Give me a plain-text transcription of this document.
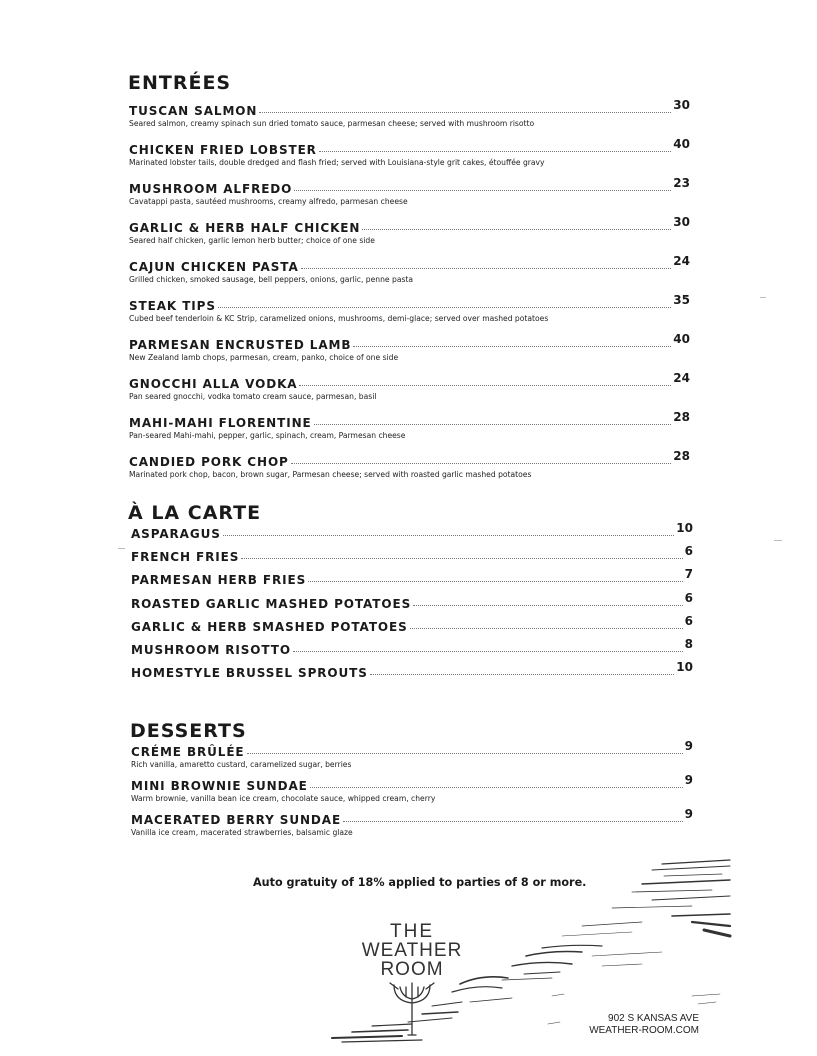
ENTRÉES
TUSCAN SALMON	30
Seared salmon, creamy spinach sun dried tomato sauce, parmesan cheese; served with mushroom risotto
CHICKEN FRIED LOBSTER	40
Marinated lobster tails, double dredged and flash fried; served with Louisiana-style grit cakes, étouffée gravy
MUSHROOM ALFREDO	23
Cavatappi pasta, sautéed mushrooms, creamy alfredo, parmesan cheese
GARLIC & HERB HALF CHICKEN	30
Seared half chicken, garlic lemon herb butter; choice of one side
CAJUN CHICKEN PASTA	24
Grilled chicken, smoked sausage, bell peppers, onions, garlic, penne pasta
STEAK TIPS	35
Cubed beef tenderloin & KC Strip, caramelized onions, mushrooms, demi-glace; served over mashed potatoes
PARMESAN ENCRUSTED LAMB	40
New Zealand lamb chops, parmesan, cream, panko, choice of one side
GNOCCHI ALLA VODKA	24
Pan seared gnocchi, vodka tomato cream sauce, parmesan, basil
MAHI-MAHI FLORENTINE	28
Pan-seared Mahi-mahi, pepper, garlic, spinach, cream, Parmesan cheese
CANDIED PORK CHOP	28
Marinated pork chop, bacon, brown sugar, Parmesan cheese; served with roasted garlic mashed potatoes
À LA CARTE
ASPARAGUS	10
FRENCH FRIES	6
PARMESAN HERB FRIES	7
ROASTED GARLIC MASHED POTATOES	6
GARLIC & HERB SMASHED POTATOES	6
MUSHROOM RISOTTO	8
HOMESTYLE BRUSSEL SPROUTS	10
DESSERTS
CRÉME BRÛLÉE	9
Rich vanilla, amaretto custard, caramelized sugar, berries
MINI BROWNIE SUNDAE	9
Warm brownie, vanilla bean ice cream, chocolate sauce, whipped cream, cherry
MACERATED BERRY SUNDAE	9
Vanilla ice cream, macerated strawberries, balsamic glaze

Auto gratuity of 18% applied to parties of 8 or more.

THE
WEATHER
ROOM
902 S KANSAS AVE
WEATHER-ROOM.COM
